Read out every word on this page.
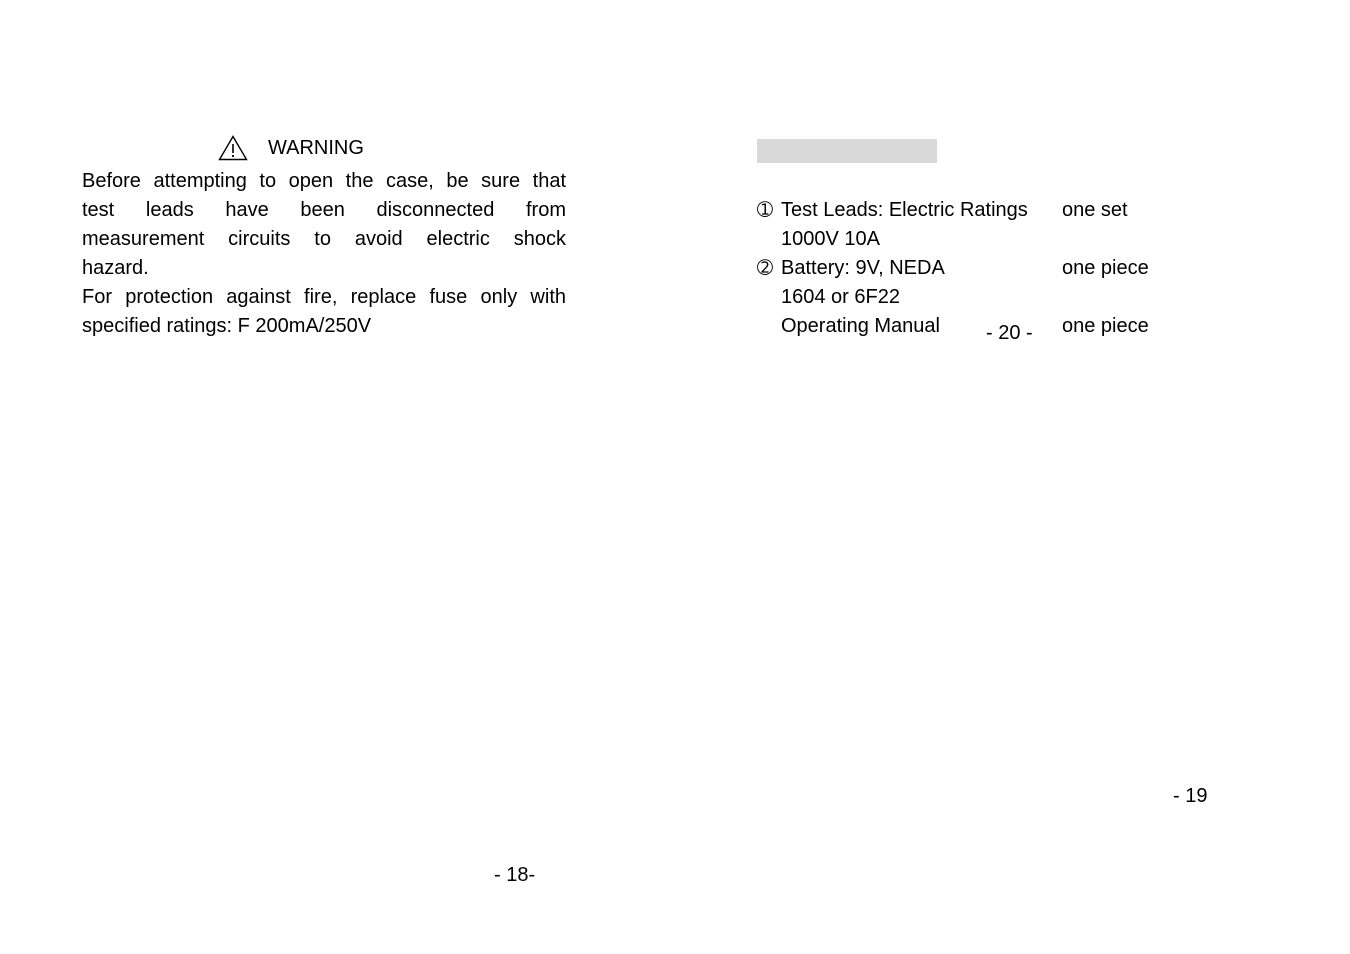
WARNING
Before attempting to open the case, be sure that
test leads have been disconnected from
measurement circuits to avoid electric shock
hazard.
For protection against fire, replace fuse only with
specified ratings: F 200mA/250V
- 18-
➀ Test Leads: Electric Ratings one set
1000V 10A
➁ Battery: 9V, NEDA	one piece
1604 or 6F22
Operating Manual	one piece
- 20 -
- 19
